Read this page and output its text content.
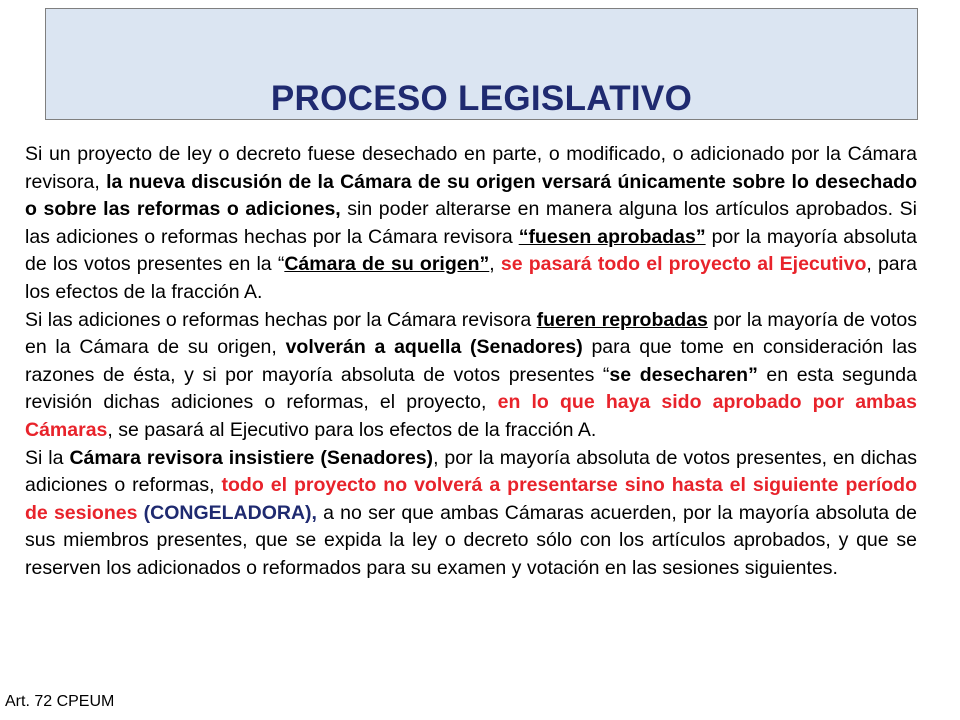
PROCESO LEGISLATIVO

Si un proyecto de ley o decreto fuese desechado en parte, o modificado, o adicionado por la Cámara revisora, la nueva discusión de la Cámara de su origen versará únicamente sobre lo desechado o sobre las reformas o adiciones, sin poder alterarse en manera alguna los artículos aprobados. Si las adiciones o reformas hechas por la Cámara revisora “fuesen aprobadas” por la mayoría absoluta de los votos presentes en la “Cámara de su origen”, se pasará todo el proyecto al Ejecutivo, para los efectos de la fracción A.

Si las adiciones o reformas hechas por la Cámara revisora fueren reprobadas por la mayoría de votos en la Cámara de su origen, volverán a aquella (Senadores) para que tome en consideración las razones de ésta, y si por mayoría absoluta de votos presentes “se desecharen” en esta segunda revisión dichas adiciones o reformas, el proyecto, en lo que haya sido aprobado por ambas Cámaras, se pasará al Ejecutivo para los efectos de la fracción A.

Si la Cámara revisora insistiere (Senadores), por la mayoría absoluta de votos presentes, en dichas adiciones o reformas, todo el proyecto no volverá a presentarse sino hasta el siguiente período de sesiones (CONGELADORA), a no ser que ambas Cámaras acuerden, por la mayoría absoluta de sus miembros presentes, que se expida la ley o decreto sólo con los artículos aprobados, y que se reserven los adicionados o reformados para su examen y votación en las sesiones siguientes.

Art. 72 CPEUM
